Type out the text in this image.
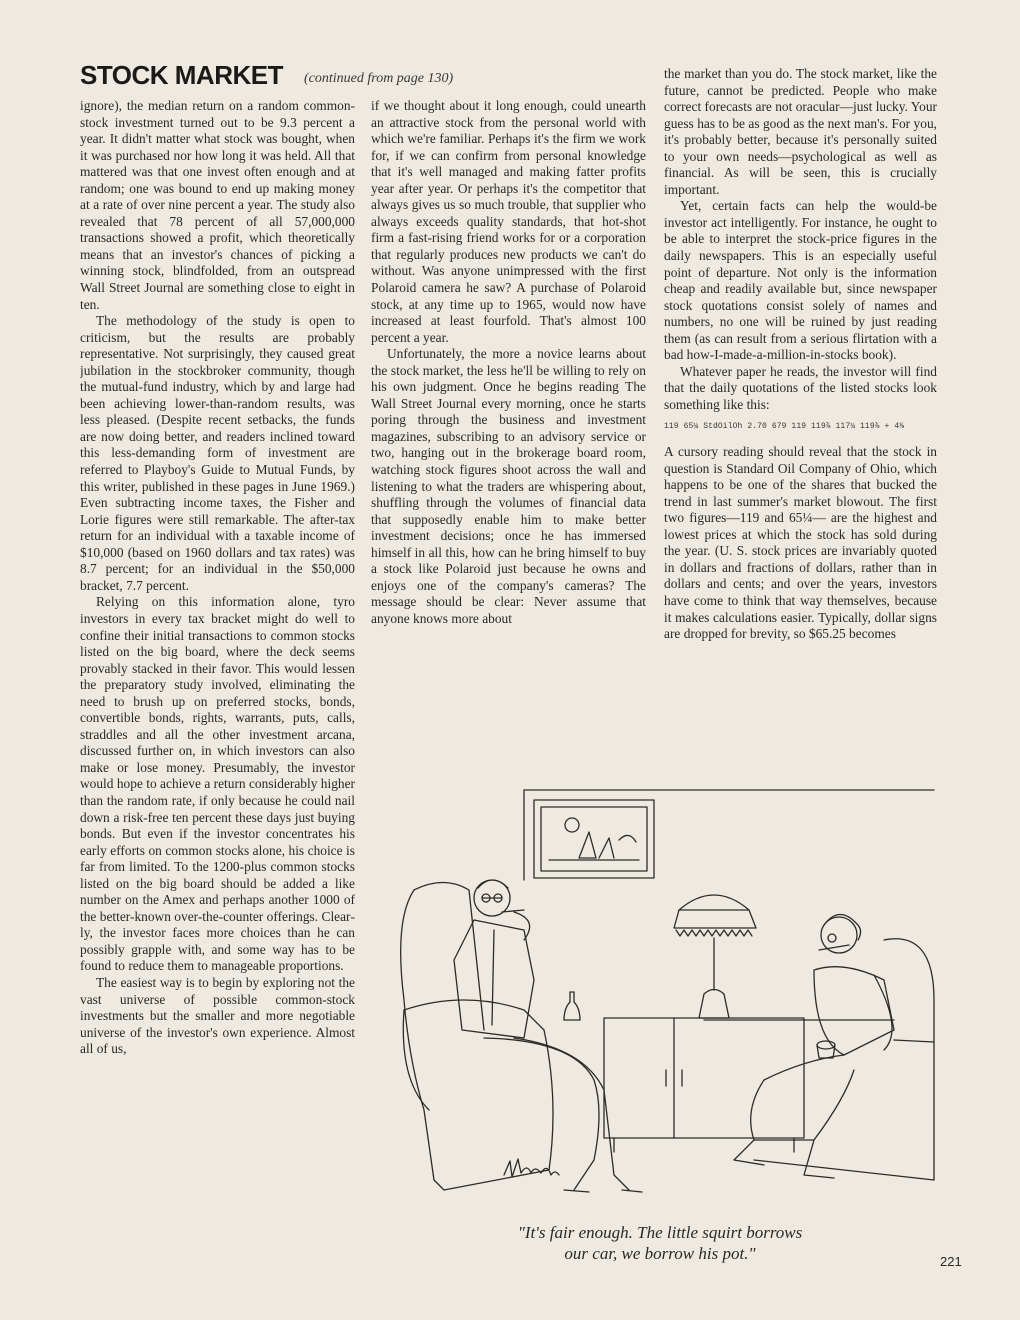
STOCK MARKET (continued from page 130)

ignore), the median return on a random common-stock investment turned out to be 9.3 percent a year. It didn't matter what stock was bought, when it was purchased nor how long it was held. All that mattered was that one invest often enough and at random; one was bound to end up making money at a rate of over nine percent a year. The study also revealed that 78 percent of all 57,000,000 transactions showed a profit, which theoretically means that an investor's chances of picking a winning stock, blindfolded, from an outspread Wall Street Journal are something close to eight in ten.

The methodology of the study is open to criticism, but the results are probably representative. Not surprisingly, they caused great jubilation in the stockbroker community, though the mutual-fund industry, which by and large had been achieving lower-than-random results, was less pleased. (Despite recent setbacks, the funds are now doing better, and readers inclined toward this less-demanding form of investment are referred to Playboy's Guide to Mutual Funds, by this writer, published in these pages in June 1969.) Even subtracting income taxes, the Fisher and Lorie figures were still remarkable. The after-tax return for an individual with a taxable income of $10,000 (based on 1960 dollars and tax rates) was 8.7 percent; for an individual in the $50,000 bracket, 7.7 percent.

Relying on this information alone, tyro investors in every tax bracket might do well to confine their initial transactions to common stocks listed on the big board, where the deck seems provably stacked in their favor. This would lessen the preparatory study involved, eliminating the need to brush up on preferred stocks, bonds, convertible bonds, rights, warrants, puts, calls, straddles and all the other investment arcana, discussed further on, in which investors can also make or lose money. Presumably, the investor would hope to achieve a return considerably higher than the random rate, if only because he could nail down a risk-free ten percent these days just buying bonds. But even if the investor concentrates his early efforts on common stocks alone, his choice is far from limited. To the 1200-plus common stocks listed on the big board should be added a like number on the Amex and perhaps another 1000 of the better-known over-the-counter offerings. Clearly, the investor faces more choices than he can possibly grapple with, and some way has to be found to reduce them to manageable proportions.

The easiest way is to begin by exploring not the vast universe of possible common-stock investments but the smaller and more negotiable universe of the investor's own experience. Almost all of us,

if we thought about it long enough, could unearth an attractive stock from the personal world with which we're familiar. Perhaps it's the firm we work for, if we can confirm from personal knowledge that it's well managed and making fatter profits year after year. Or perhaps it's the competitor that always gives us so much trouble, that supplier who always exceeds quality standards, that hot-shot firm a fast-rising friend works for or a corporation that regularly produces new products we can't do without. Was anyone unimpressed with the first Polaroid camera he saw? A purchase of Polaroid stock, at any time up to 1965, would now have increased at least fourfold. That's almost 100 percent a year.

Unfortunately, the more a novice learns about the stock market, the less he'll be willing to rely on his own judgment. Once he begins reading The Wall Street Journal every morning, once he starts poring through the business and investment magazines, subscribing to an advisory service or two, hanging out in the brokerage board room, watching stock figures shoot across the wall and listening to what the traders are whispering about, shuffling through the volumes of financial data that supposedly enable him to make better investment decisions; once he has immersed himself in all this, how can he bring himself to buy a stock like Polaroid just because he owns and enjoys one of the company's cameras? The message should be clear: Never assume that anyone knows more about

the market than you do. The stock market, like the future, cannot be predicted. People who make correct forecasts are not oracular—just lucky. Your guess has to be as good as the next man's. For you, it's probably better, because it's personally suited to your own needs—psychological as well as financial. As will be seen, this is crucially important.

Yet, certain facts can help the would-be investor act intelligently. For instance, he ought to be able to interpret the stock-price figures in the daily newspapers. This is an especially useful point of departure. Not only is the information cheap and readily available but, since newspaper stock quotations consist solely of names and numbers, no one will be ruined by just reading them (as can result from a serious flirtation with a bad how-I-made-a-million-in-stocks book).

Whatever paper he reads, the investor will find that the daily quotations of the listed stocks look something like this:

119 65¼ StdOilOh 2.70 679 119 119⅞ 117¼ 119⅞ + 4⅜

A cursory reading should reveal that the stock in question is Standard Oil Company of Ohio, which happens to be one of the shares that bucked the trend in last summer's market blowout. The first two figures—119 and 65¼— are the highest and lowest prices at which the stock has sold during the year. (U. S. stock prices are invariably quoted in dollars and fractions of dollars, rather than in dollars and cents; and over the years, investors have come to think that way themselves, because it makes calculations easier. Typically, dollar signs are dropped for brevity, so $65.25 becomes

"It's fair enough. The little squirt borrows
our car, we borrow his pot."	221
